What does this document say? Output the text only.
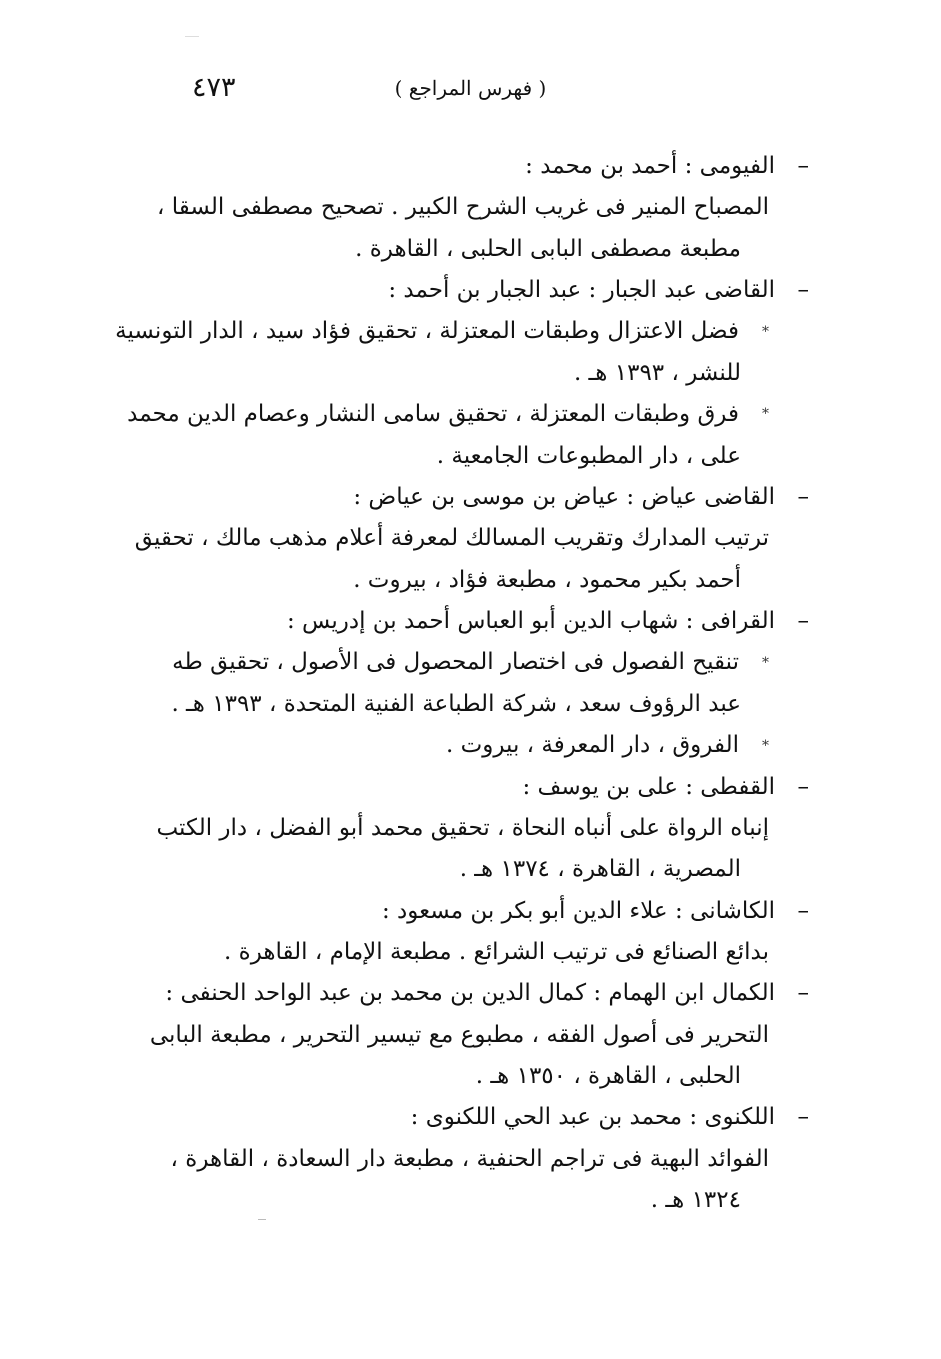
٤٧٣	( فهرس المراجع )

–
الفيومى : أحمد بن محمد :

المصباح المنير فى غريب الشرح الكبير . تصحيح مصطفى السقا ،
مطبعة مصطفى البابى الحلبى ، القاهرة .

–
القاضى عبد الجبار : عبد الجبار بن أحمد :

*فضل الاعتزال وطبقات المعتزلة ، تحقيق فؤاد سيد ، الدار التونسية
للنشر ، ١٣٩٣ هـ .

*فرق وطبقات المعتزلة ، تحقيق سامى النشار وعصام الدين محمد
على ، دار المطبوعات الجامعية .

–
القاضى عياض : عياض بن موسى بن عياض :

ترتيب المدارك وتقريب المسالك لمعرفة أعلام مذهب مالك ، تحقيق
أحمد بكير محمود ، مطبعة فؤاد ، بيروت .

–
القرافى : شهاب الدين أبو العباس أحمد بن إدريس :

*تنقيح الفصول فى اختصار المحصول فى الأصول ، تحقيق طه
عبد الرؤوف سعد ، شركة الطباعة الفنية المتحدة ، ١٣٩٣ هـ .

*الفروق ، دار المعرفة ، بيروت .

–
القفطى : على بن يوسف :

إنباه الرواة على أنباه النحاة ، تحقيق محمد أبو الفضل ، دار الكتب
المصرية ، القاهرة ، ١٣٧٤ هـ .

–
الكاشانى : علاء الدين أبو بكر بن مسعود :

بدائع الصنائع فى ترتيب الشرائع . مطبعة الإمام ، القاهرة .

–
الكمال ابن الهمام : كمال الدين بن محمد بن عبد الواحد الحنفى :

التحرير فى أصول الفقه ، مطبوع مع تيسير التحرير ، مطبعة البابى
الحلبى ، القاهرة ، ١٣٥٠ هـ .

–
اللكنوى : محمد بن عبد الحي اللكنوى :

الفوائد البهية فى تراجم الحنفية ، مطبعة دار السعادة ، القاهرة ،
١٣٢٤ هـ .
